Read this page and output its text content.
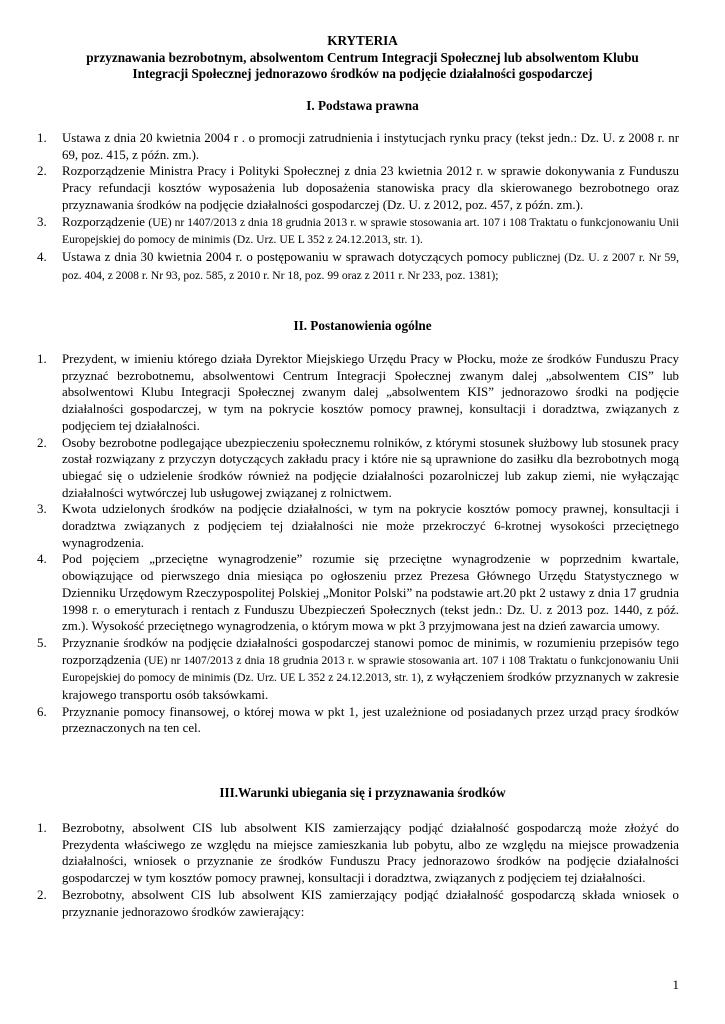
KRYTERIA
przyznawania bezrobotnym, absolwentom Centrum Integracji Społecznej lub absolwentom Klubu
Integracji Społecznej jednorazowo środków na podjęcie działalności gospodarczej
I. Podstawa prawna
1. Ustawa z dnia 20 kwietnia 2004 r . o promocji zatrudnienia i instytucjach rynku pracy (tekst jedn.: Dz. U. z 2008 r. nr 69, poz. 415, z późn. zm.).
2. Rozporządzenie Ministra Pracy i Polityki Społecznej z dnia 23 kwietnia 2012 r. w sprawie dokonywania z Funduszu Pracy refundacji kosztów wyposażenia lub doposażenia stanowiska pracy dla skierowanego bezrobotnego oraz przyznawania środków na podjęcie działalności gospodarczej (Dz. U. z 2012, poz. 457, z późn. zm.).
3. Rozporządzenie (UE) nr 1407/2013 z dnia 18 grudnia 2013 r. w sprawie stosowania art. 107 i 108 Traktatu o funkcjonowaniu Unii Europejskiej do pomocy de minimis (Dz. Urz. UE L 352 z 24.12.2013, str. 1).
4. Ustawa z dnia 30 kwietnia 2004 r. o postępowaniu w sprawach dotyczących pomocy publicznej (Dz. U. z 2007 r. Nr 59, poz. 404, z 2008 r. Nr 93, poz. 585, z 2010 r. Nr 18, poz. 99 oraz z 2011 r. Nr 233, poz. 1381);
II. Postanowienia ogólne
1. Prezydent, w imieniu którego działa Dyrektor Miejskiego Urzędu Pracy w Płocku, może ze środków Funduszu Pracy przyznać bezrobotnemu, absolwentowi Centrum Integracji Społecznej zwanym dalej „absolwentem CIS” lub absolwentowi Klubu Integracji Społecznej zwanym dalej „absolwentem KIS” jednorazowo środki na podjęcie działalności gospodarczej, w tym na pokrycie kosztów pomocy prawnej, konsultacji i doradztwa, związanych z podjęciem tej działalności.
2. Osoby bezrobotne podlegające ubezpieczeniu społecznemu rolników, z którymi stosunek służbowy lub stosunek pracy został rozwiązany z przyczyn dotyczących zakładu pracy i które nie są uprawnione do zasiłku dla bezrobotnych mogą ubiegać się o udzielenie środków również na podjęcie działalności pozarolniczej lub zakup ziemi, nie wyłączając działalności wytwórczej lub usługowej związanej z rolnictwem.
3. Kwota udzielonych środków na podjęcie działalności, w tym na pokrycie kosztów pomocy prawnej, konsultacji i doradztwa związanych z podjęciem tej działalności nie może przekroczyć 6-krotnej wysokości przeciętnego wynagrodzenia.
4. Pod pojęciem „przeciętne wynagrodzenie” rozumie się przeciętne wynagrodzenie w poprzednim kwartale, obowiązujące od pierwszego dnia miesiąca po ogłoszeniu przez Prezesa Głównego Urzędu Statystycznego w Dzienniku Urzędowym Rzeczypospolitej Polskiej „Monitor Polski” na podstawie art.20 pkt 2 ustawy z dnia 17 grudnia 1998 r. o emeryturach i rentach z Funduszu Ubezpieczeń Społecznych (tekst jedn.: Dz. U. z 2013 poz. 1440, z póź. zm.). Wysokość przeciętnego wynagrodzenia, o którym mowa w pkt 3 przyjmowana jest na dzień zawarcia umowy.
5. Przyznanie środków na podjęcie działalności gospodarczej stanowi pomoc de minimis, w rozumieniu przepisów tego rozporządzenia (UE) nr 1407/2013 z dnia 18 grudnia 2013 r. w sprawie stosowania art. 107 i 108 Traktatu o funkcjonowaniu Unii Europejskiej do pomocy de minimis (Dz. Urz. UE L 352 z 24.12.2013, str. 1), z wyłączeniem środków przyznanych w zakresie krajowego transportu osób taksówkami.
6. Przyznanie pomocy finansowej, o której mowa w pkt 1, jest uzależnione od posiadanych przez urząd pracy środków przeznaczonych na ten cel.
III.Warunki ubiegania się i przyznawania środków
1. Bezrobotny, absolwent CIS lub absolwent KIS zamierzający podjąć działalność gospodarczą może złożyć do Prezydenta właściwego ze względu na miejsce zamieszkania lub pobytu, albo ze względu na miejsce prowadzenia działalności, wniosek o przyznanie ze środków Funduszu Pracy jednorazowo środków na podjęcie działalności gospodarczej w tym kosztów pomocy prawnej, konsultacji i doradztwa, związanych z podjęciem tej działalności.
2. Bezrobotny, absolwent CIS lub absolwent KIS zamierzający podjąć działalność gospodarczą składa wniosek o przyznanie jednorazowo środków zawierający:
1
